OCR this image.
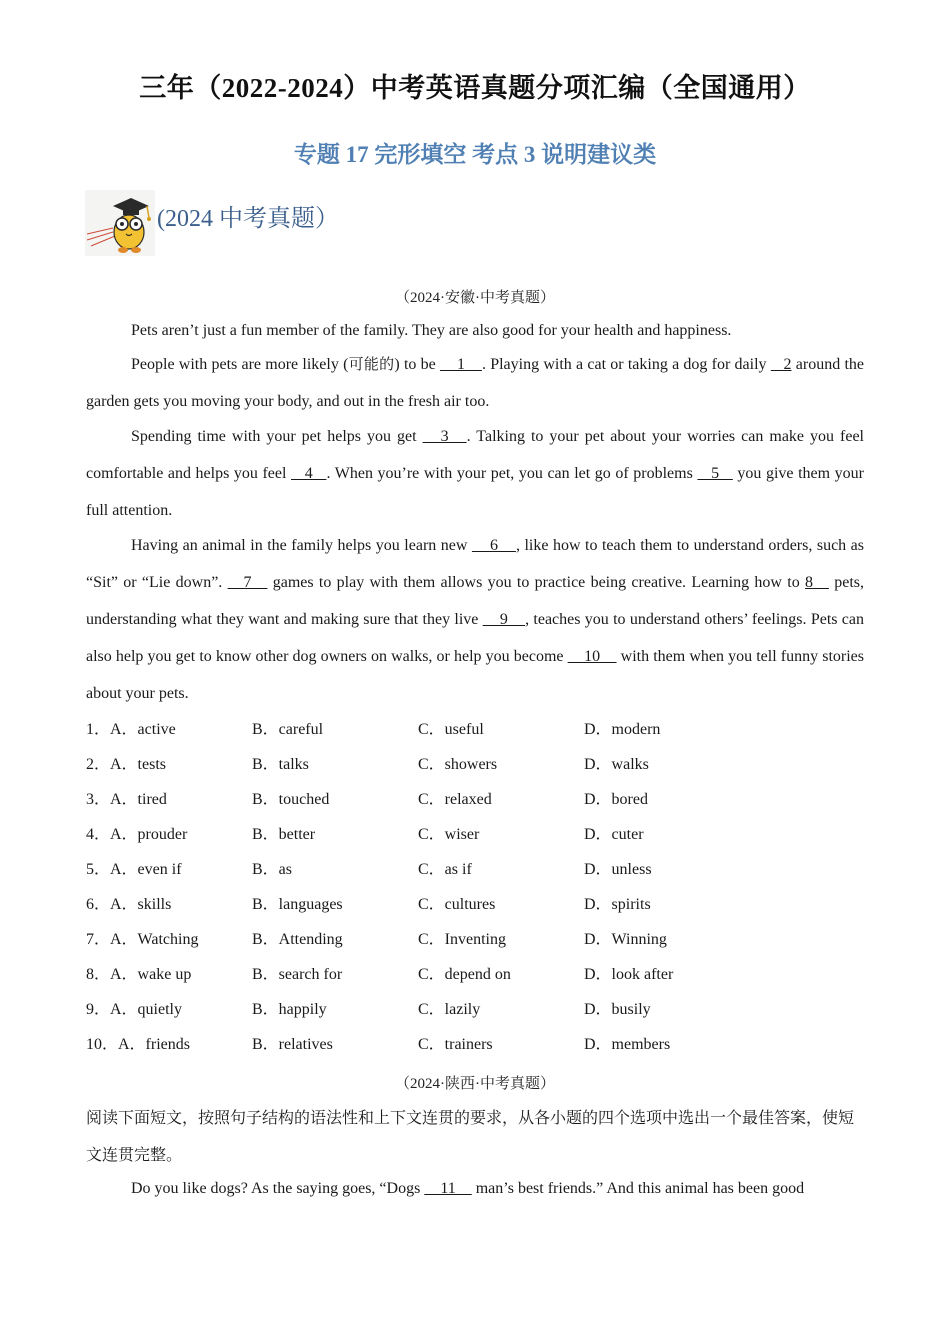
三年（2022-2024）中考英语真题分项汇编（全国通用）
专题 17 完形填空 考点 3 说明建议类
(2024 中考真题）
（2024·安徽·中考真题）

Pets aren’t just a fun member of the family. They are also good for your health and happiness.

People with pets are more likely (可能的) to be     1    . Playing with a cat or taking a dog for daily    2 around the garden gets you moving your body, and out in the fresh air too.

Spending time with your pet helps you get    3   . Talking to your pet about your worries can make you feel comfortable and helps you feel    4   . When you’re with your pet, you can let go of problems    5    you give them your full attention.

Having an animal in the family helps you learn new     6    , like how to teach them to understand orders, such as “Sit” or “Lie down”.    7    games to play with them allows you to practice being creative. Learning how to 8    pets, understanding what they want and making sure that they live     9    , teaches you to understand others’ feelings. Pets can also help you get to know other dog owners on walks, or help you become     10     with them when you tell funny stories about your pets.

1．A．active	B．careful	C．useful	D．modern
2．A．tests	B．talks	C．showers	D．walks
3．A．tired	B．touched	C．relaxed	D．bored
4．A．prouder	B．better	C．wiser	D．cuter
5．A．even if	B．as	C．as if	D．unless
6．A．skills	B．languages	C．cultures	D．spirits
7．A．Watching	B．Attending	C．Inventing	D．Winning
8．A．wake up	B．search for	C．depend on	D．look after
9．A．quietly	B．happily	C．lazily	D．busily
10．A．friends	B．relatives	C．trainers	D．members
（2024·陕西·中考真题）

阅读下面短文，按照句子结构的语法性和上下文连贯的要求，从各小题的四个选项中选出一个最佳答案，使短文连贯完整。

Do you like dogs? As the saying goes, “Dogs     11     man’s best friends.” And this animal has been good
